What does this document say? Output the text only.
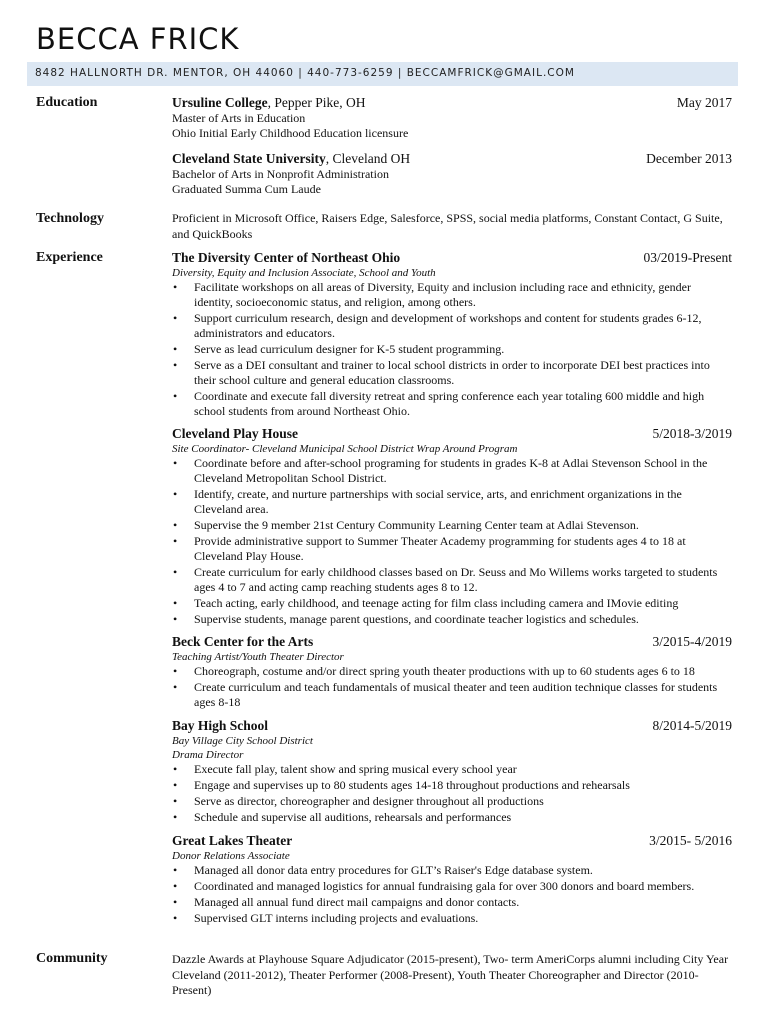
BECCA FRICK
8482 HALLNORTH DR. MENTOR, OH 44060 | 440-773-6259 | BECCAMFRICK@GMAIL.COM
Education	Ursuline College, Pepper Pike, OH	May 2017
Master of Arts in Education
Ohio Initial Early Childhood Education licensure
Cleveland State University, Cleveland OH	December 2013
Bachelor of Arts in Nonprofit Administration
Graduated Summa Cum Laude
Technology	Proficient in Microsoft Office, Raisers Edge, Salesforce, SPSS, social media platforms, Constant Contact, G Suite, and QuickBooks
Experience	The Diversity Center of Northeast Ohio	03/2019-Present
Diversity, Equity and Inclusion Associate, School and Youth
• Facilitate workshops on all areas of Diversity, Equity and inclusion including race and ethnicity, gender identity, socioeconomic status, and religion, among others.
• Support curriculum research, design and development of workshops and content for students grades 6-12, administrators and educators.
• Serve as lead curriculum designer for K-5 student programming.
• Serve as a DEI consultant and trainer to local school districts in order to incorporate DEI best practices into their school culture and general education classrooms.
• Coordinate and execute fall diversity retreat and spring conference each year totaling 600 middle and high school students from around Northeast Ohio.
Cleveland Play House	5/2018-3/2019
Site Coordinator- Cleveland Municipal School District Wrap Around Program
• Coordinate before and after-school programing for students in grades K-8 at Adlai Stevenson School in the Cleveland Metropolitan School District.
• Identify, create, and nurture partnerships with social service, arts, and enrichment organizations in the Cleveland area.
• Supervise the 9 member 21st Century Community Learning Center team at Adlai Stevenson.
• Provide administrative support to Summer Theater Academy programming for students ages 4 to 18 at Cleveland Play House.
• Create curriculum for early childhood classes based on Dr. Seuss and Mo Willems works targeted to students ages 4 to 7 and acting camp reaching students ages 8 to 12.
• Teach acting, early childhood, and teenage acting for film class including camera and IMovie editing
• Supervise students, manage parent questions, and coordinate teacher logistics and schedules.
Beck Center for the Arts	3/2015-4/2019
Teaching Artist/Youth Theater Director
• Choreograph, costume and/or direct spring youth theater productions with up to 60 students ages 6 to 18
• Create curriculum and teach fundamentals of musical theater and teen audition technique classes for students ages 8-18
Bay High School	8/2014-5/2019
Bay Village City School District
Drama Director
• Execute fall play, talent show and spring musical every school year
• Engage and supervises up to 80 students ages 14-18 throughout productions and rehearsals
• Serve as director, choreographer and designer throughout all productions
• Schedule and supervise all auditions, rehearsals and performances
Great Lakes Theater	3/2015- 5/2016
Donor Relations Associate
• Managed all donor data entry procedures for GLT’s Raiser's Edge database system.
• Coordinated and managed logistics for annual fundraising gala for over 300 donors and board members.
• Managed all annual fund direct mail campaigns and donor contacts.
• Supervised GLT interns including projects and evaluations.
Community	Dazzle Awards at Playhouse Square Adjudicator (2015-present), Two- term AmeriCorps alumni including City Year Cleveland (2011-2012), Theater Performer (2008-Present), Youth Theater Choreographer and Director (2010-Present)
